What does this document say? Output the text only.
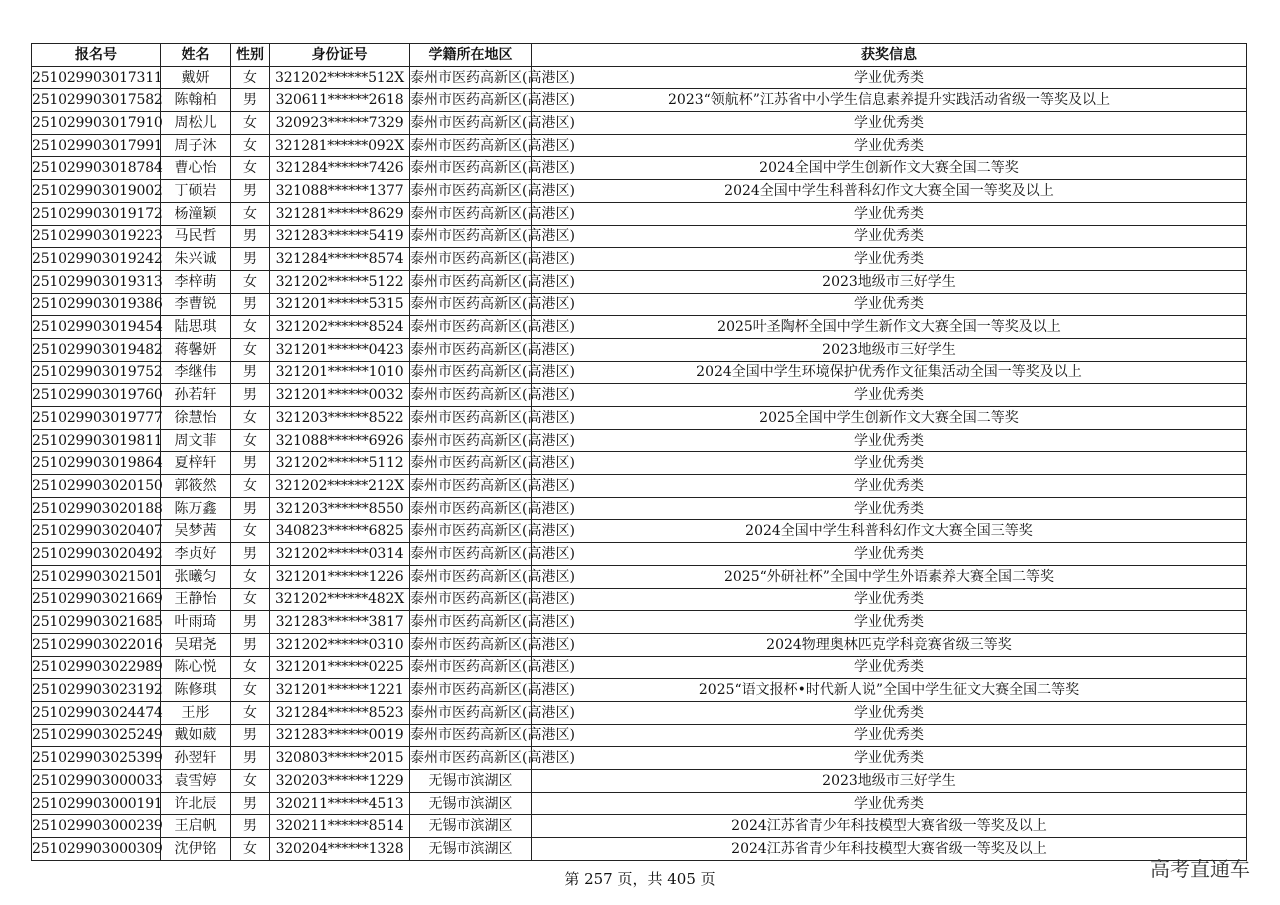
报名号	姓名	性别	身份证号	学籍所在地区	获奖信息
251029903017311	戴妍	女	321202******512X	泰州市医药高新区(高港区)	学业优秀类
251029903017582	陈翰柏	男	320611******2618	泰州市医药高新区(高港区)	2023“领航杯”江苏省中小学生信息素养提升实践活动省级一等奖及以上
251029903017910	周松儿	女	320923******7329	泰州市医药高新区(高港区)	学业优秀类
251029903017991	周子沐	女	321281******092X	泰州市医药高新区(高港区)	学业优秀类
251029903018784	曹心怡	女	321284******7426	泰州市医药高新区(高港区)	2024全国中学生创新作文大赛全国二等奖
251029903019002	丁硕岩	男	321088******1377	泰州市医药高新区(高港区)	2024全国中学生科普科幻作文大赛全国一等奖及以上
251029903019172	杨潼颖	女	321281******8629	泰州市医药高新区(高港区)	学业优秀类
251029903019223	马民哲	男	321283******5419	泰州市医药高新区(高港区)	学业优秀类
251029903019242	朱兴诚	男	321284******8574	泰州市医药高新区(高港区)	学业优秀类
251029903019313	李梓萌	女	321202******5122	泰州市医药高新区(高港区)	2023地级市三好学生
251029903019386	李曹锐	男	321201******5315	泰州市医药高新区(高港区)	学业优秀类
251029903019454	陆思琪	女	321202******8524	泰州市医药高新区(高港区)	2025叶圣陶杯全国中学生新作文大赛全国一等奖及以上
251029903019482	蒋馨妍	女	321201******0423	泰州市医药高新区(高港区)	2023地级市三好学生
251029903019752	李继伟	男	321201******1010	泰州市医药高新区(高港区)	2024全国中学生环境保护优秀作文征集活动全国一等奖及以上
251029903019760	孙若轩	男	321201******0032	泰州市医药高新区(高港区)	学业优秀类
251029903019777	徐慧怡	女	321203******8522	泰州市医药高新区(高港区)	2025全国中学生创新作文大赛全国二等奖
251029903019811	周文菲	女	321088******6926	泰州市医药高新区(高港区)	学业优秀类
251029903019864	夏梓轩	男	321202******5112	泰州市医药高新区(高港区)	学业优秀类
251029903020150	郭筱然	女	321202******212X	泰州市医药高新区(高港区)	学业优秀类
251029903020188	陈万鑫	男	321203******8550	泰州市医药高新区(高港区)	学业优秀类
251029903020407	吴梦茜	女	340823******6825	泰州市医药高新区(高港区)	2024全国中学生科普科幻作文大赛全国三等奖
251029903020492	李贞好	男	321202******0314	泰州市医药高新区(高港区)	学业优秀类
251029903021501	张曦匀	女	321201******1226	泰州市医药高新区(高港区)	2025“外研社杯”全国中学生外语素养大赛全国二等奖
251029903021669	王静怡	女	321202******482X	泰州市医药高新区(高港区)	学业优秀类
251029903021685	叶雨琦	男	321283******3817	泰州市医药高新区(高港区)	学业优秀类
251029903022016	吴珺尧	男	321202******0310	泰州市医药高新区(高港区)	2024物理奥林匹克学科竞赛省级三等奖
251029903022989	陈心悦	女	321201******0225	泰州市医药高新区(高港区)	学业优秀类
251029903023192	陈修琪	女	321201******1221	泰州市医药高新区(高港区)	2025“语文报杯•时代新人说”全国中学生征文大赛全国二等奖
251029903024474	王彤	女	321284******8523	泰州市医药高新区(高港区)	学业优秀类
251029903025249	戴如葳	男	321283******0019	泰州市医药高新区(高港区)	学业优秀类
251029903025399	孙翌轩	男	320803******2015	泰州市医药高新区(高港区)	学业优秀类
251029903000033	袁雪婷	女	320203******1229	无锡市滨湖区	2023地级市三好学生
251029903000191	许北辰	男	320211******4513	无锡市滨湖区	学业优秀类
251029903000239	王启帆	男	320211******8514	无锡市滨湖区	2024江苏省青少年科技模型大赛省级一等奖及以上
251029903000309	沈伊铭	女	320204******1328	无锡市滨湖区	2024江苏省青少年科技模型大赛省级一等奖及以上
第 257 页，共 405 页	高考直通车
